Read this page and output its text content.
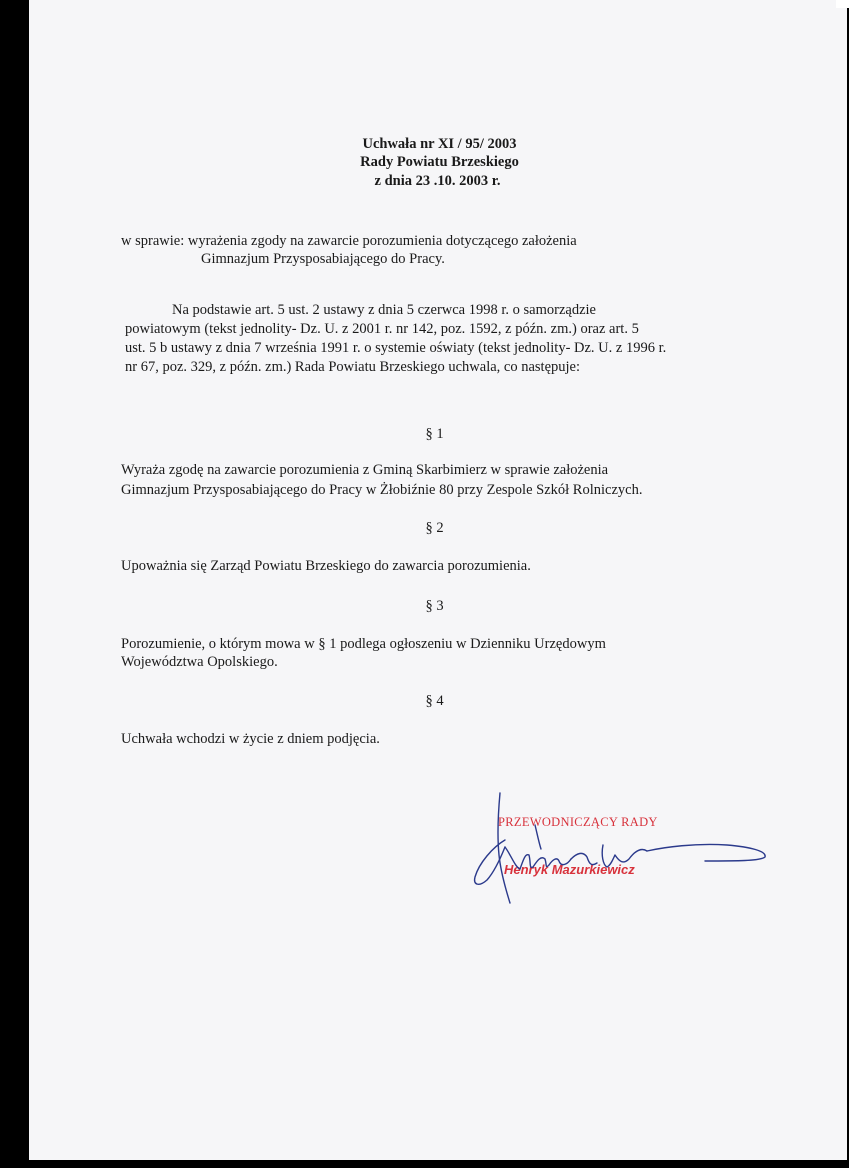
Uchwała nr XI / 95/ 2003
Rady Powiatu Brzeskiego
z dnia 23 .10. 2003 r.
w sprawie: wyrażenia zgody na zawarcie porozumienia dotyczącego założenia
Gimnazjum Przysposabiającego do Pracy.
Na podstawie art. 5 ust. 2 ustawy z dnia 5 czerwca 1998 r. o samorządzie
powiatowym (tekst jednolity- Dz. U. z 2001 r. nr 142, poz. 1592, z późn. zm.) oraz art. 5
ust. 5 b ustawy z dnia 7 września 1991 r. o systemie oświaty (tekst jednolity- Dz. U. z 1996 r.
nr 67, poz. 329, z późn. zm.) Rada Powiatu Brzeskiego uchwala, co następuje:
§ 1
Wyraża zgodę na zawarcie porozumienia z Gminą Skarbimierz w sprawie założenia
Gimnazjum Przysposabiającego do Pracy w Żłobiźnie 80 przy Zespole Szkół Rolniczych.
§ 2
Upoważnia się Zarząd Powiatu Brzeskiego do zawarcia porozumienia.
§ 3
Porozumienie, o którym mowa w § 1 podlega ogłoszeniu w Dzienniku Urzędowym
Województwa Opolskiego.
§ 4
Uchwała wchodzi w życie z dniem podjęcia.
PRZEWODNICZĄCY RADY
Henryk Mazurkiewicz
